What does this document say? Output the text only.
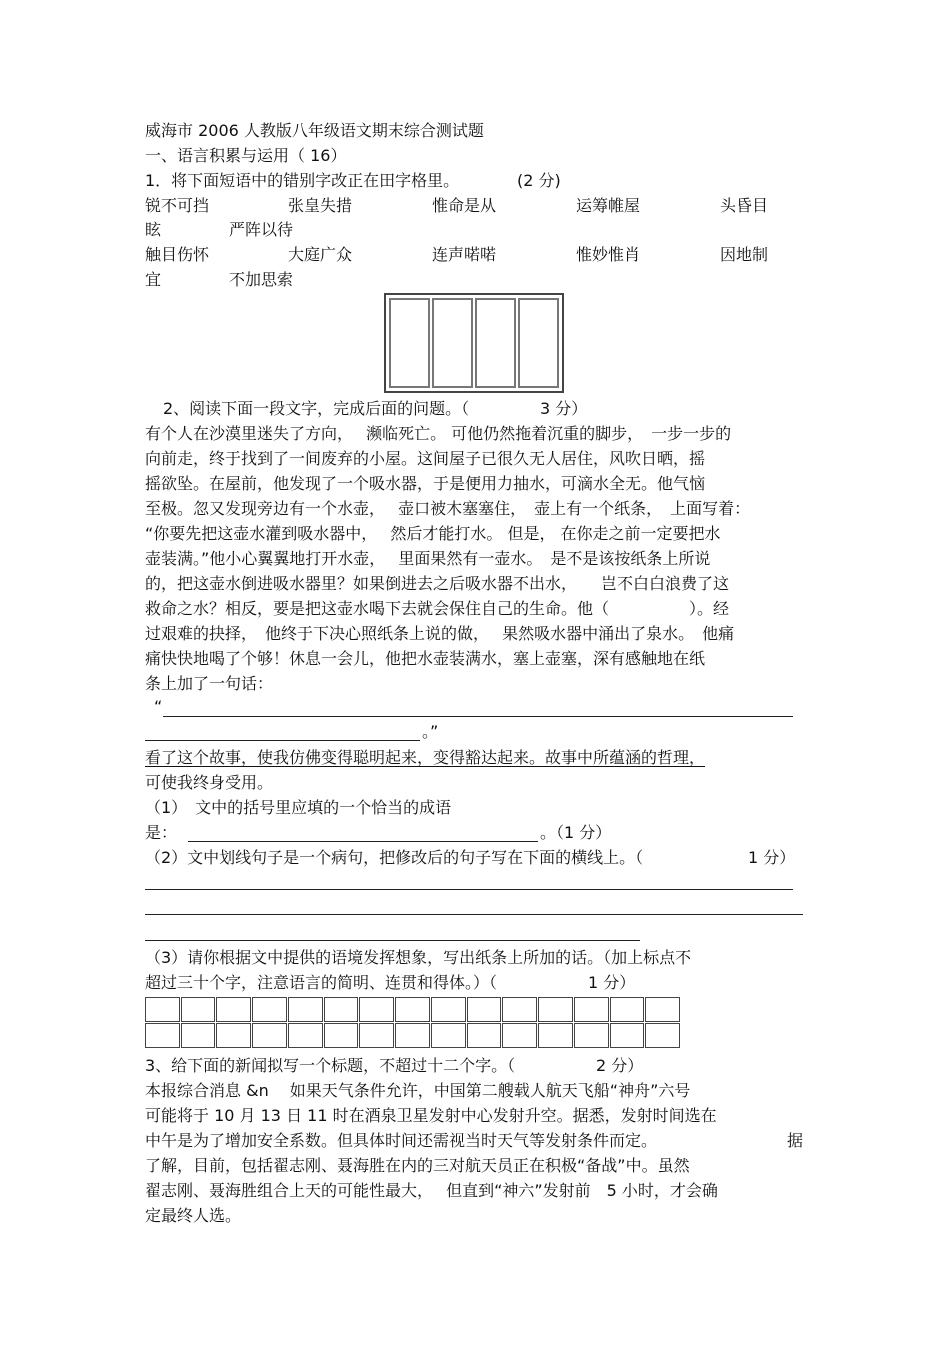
威海市 2006 人教版八年级语文期末综合测试题
一、语言积累与运用（ 16）
1．将下面短语中的错别字改正在田字格里。	(2 分)
锐不可挡	张皇失措	惟命是从	运筹帷屋	头昏目
眩	严阵以待
触目伤怀	大庭广众	连声喏喏	惟妙惟肖	因地制
宜	不加思索
2、阅读下面一段文字，完成后面的问题。（	3 分）
有个人在沙漠里迷失了方向，　 濒临死亡。 可他仍然拖着沉重的脚步，　一步一步的
向前走，终于找到了一间废弃的小屋。这间屋子已很久无人居住，风吹日晒，摇
摇欲坠。在屋前，他发现了一个吸水器，于是便用力抽水，可滴水全无。他气恼
至极。忽又发现旁边有一个水壶，　 壶口被木塞塞住，　壶上有一个纸条，　上面写着：
“你要先把这壶水灌到吸水器中，　 然后才能打水。 但是， 在你走之前一定要把水
壶装满。”他小心翼翼地打开水壶，　 里面果然有一壶水。　是不是该按纸条上所说
的，把这壶水倒进吸水器里？如果倒进去之后吸水器不出水，　　岂不白白浪费了这
救命之水？相反，要是把这壶水喝下去就会保住自己的生命。他（　　　　　）。经
过艰难的抉择，　他终于下决心照纸条上说的做，　 果然吸水器中涌出了泉水。　他痛
痛快快地喝了个够！休息一会儿，他把水壶装满水，塞上壶塞，深有感触地在纸
条上加了一句话：
“
。”
看了这个故事，使我仿佛变得聪明起来，变得豁达起来。故事中所蕴涵的哲理，
可使我终身受用。
（1）　文中的括号里应填的一个恰当的成语
是：	。（1 分）
（2）文中划线句子是一个病句，把修改后的句子写在下面的横线上。（	1 分）
（3）请你根据文中提供的语境发挥想象，写出纸条上所加的话。（加上标点不
超过三十个字，注意语言的简明、连贯和得体。）（	1 分）
3、给下面的新闻拟写一个标题，不超过十二个字。（	2 分）
本报综合消息 &n　 如果天气条件允许，中国第二艘载人航天飞船“神舟”六号
可能将于 10 月 13 日 11 时在酒泉卫星发射中心发射升空。据悉，发射时间选在
中午是为了增加安全系数。但具体时间还需视当时天气等发射条件而定。	据
了解，目前，包括翟志刚、聂海胜在内的三对航天员正在积极“备战”中。虽然
翟志刚、聂海胜组合上天的可能性最大，　 但直到“神六”发射前　5 小时，才会确
定最终人选。
